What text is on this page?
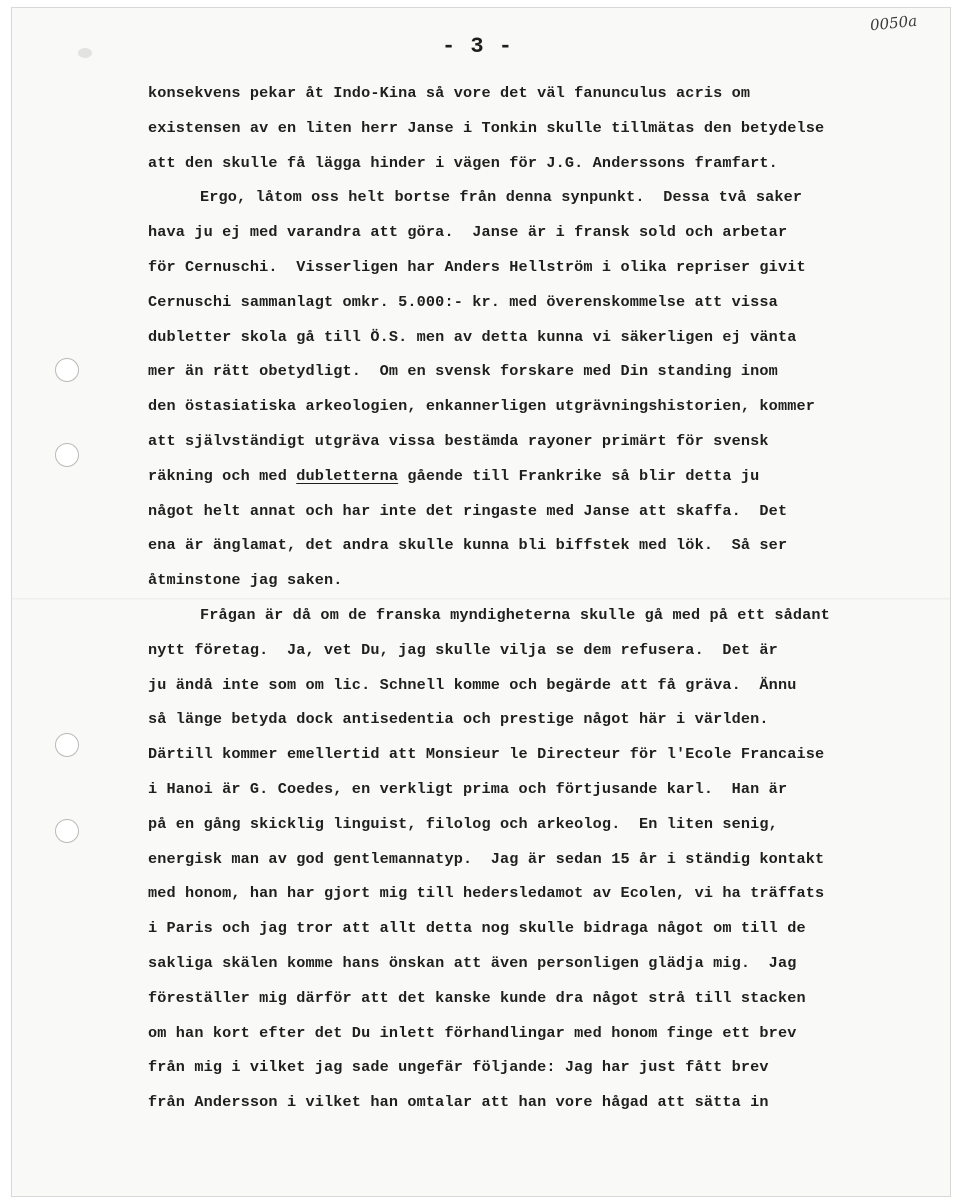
0050a
- 3 -
konsekvens pekar åt Indo-Kina så vore det väl fanunculus acris om
existensen av en liten herr Janse i Tonkin skulle tillmätas den betydelse
att den skulle få lägga hinder i vägen för J.G. Anderssons framfart.
Ergo, låtom oss helt bortse från denna synpunkt.  Dessa två saker
hava ju ej med varandra att göra.  Janse är i fransk sold och arbetar
för Cernuschi.  Visserligen har Anders Hellström i olika repriser givit
Cernuschi sammanlagt omkr. 5.000:- kr. med överenskommelse att vissa
dubletter skola gå till Ö.S. men av detta kunna vi säkerligen ej vänta
mer än rätt obetydligt.  Om en svensk forskare med Din standing inom
den östasiatiska arkeologien, enkannerligen utgrävningshistorien, kommer
att självständigt utgräva vissa bestämda rayoner primärt för svensk
räkning och med dubletterna gående till Frankrike så blir detta ju
något helt annat och har inte det ringaste med Janse att skaffa.  Det
ena är änglamat, det andra skulle kunna bli biffstek med lök.  Så ser
åtminstone jag saken.
Frågan är då om de franska myndigheterna skulle gå med på ett sådant
nytt företag.  Ja, vet Du, jag skulle vilja se dem refusera.  Det är
ju ändå inte som om lic. Schnell komme och begärde att få gräva.  Ännu
så länge betyda dock antisedentia och prestige något här i världen.
Därtill kommer emellertid att Monsieur le Directeur för l'Ecole Francaise
i Hanoi är G. Coedes, en verkligt prima och förtjusande karl.  Han är
på en gång skicklig linguist, filolog och arkeolog.  En liten senig,
energisk man av god gentlemannatyp.  Jag är sedan 15 år i ständig kontakt
med honom, han har gjort mig till hedersledamot av Ecolen, vi ha träffats
i Paris och jag tror att allt detta nog skulle bidraga något om till de
sakliga skälen komme hans önskan att även personligen glädja mig.  Jag
föreställer mig därför att det kanske kunde dra något strå till stacken
om han kort efter det Du inlett förhandlingar med honom finge ett brev
från mig i vilket jag sade ungefär följande: Jag har just fått brev
från Andersson i vilket han omtalar att han vore hågad att sätta in
